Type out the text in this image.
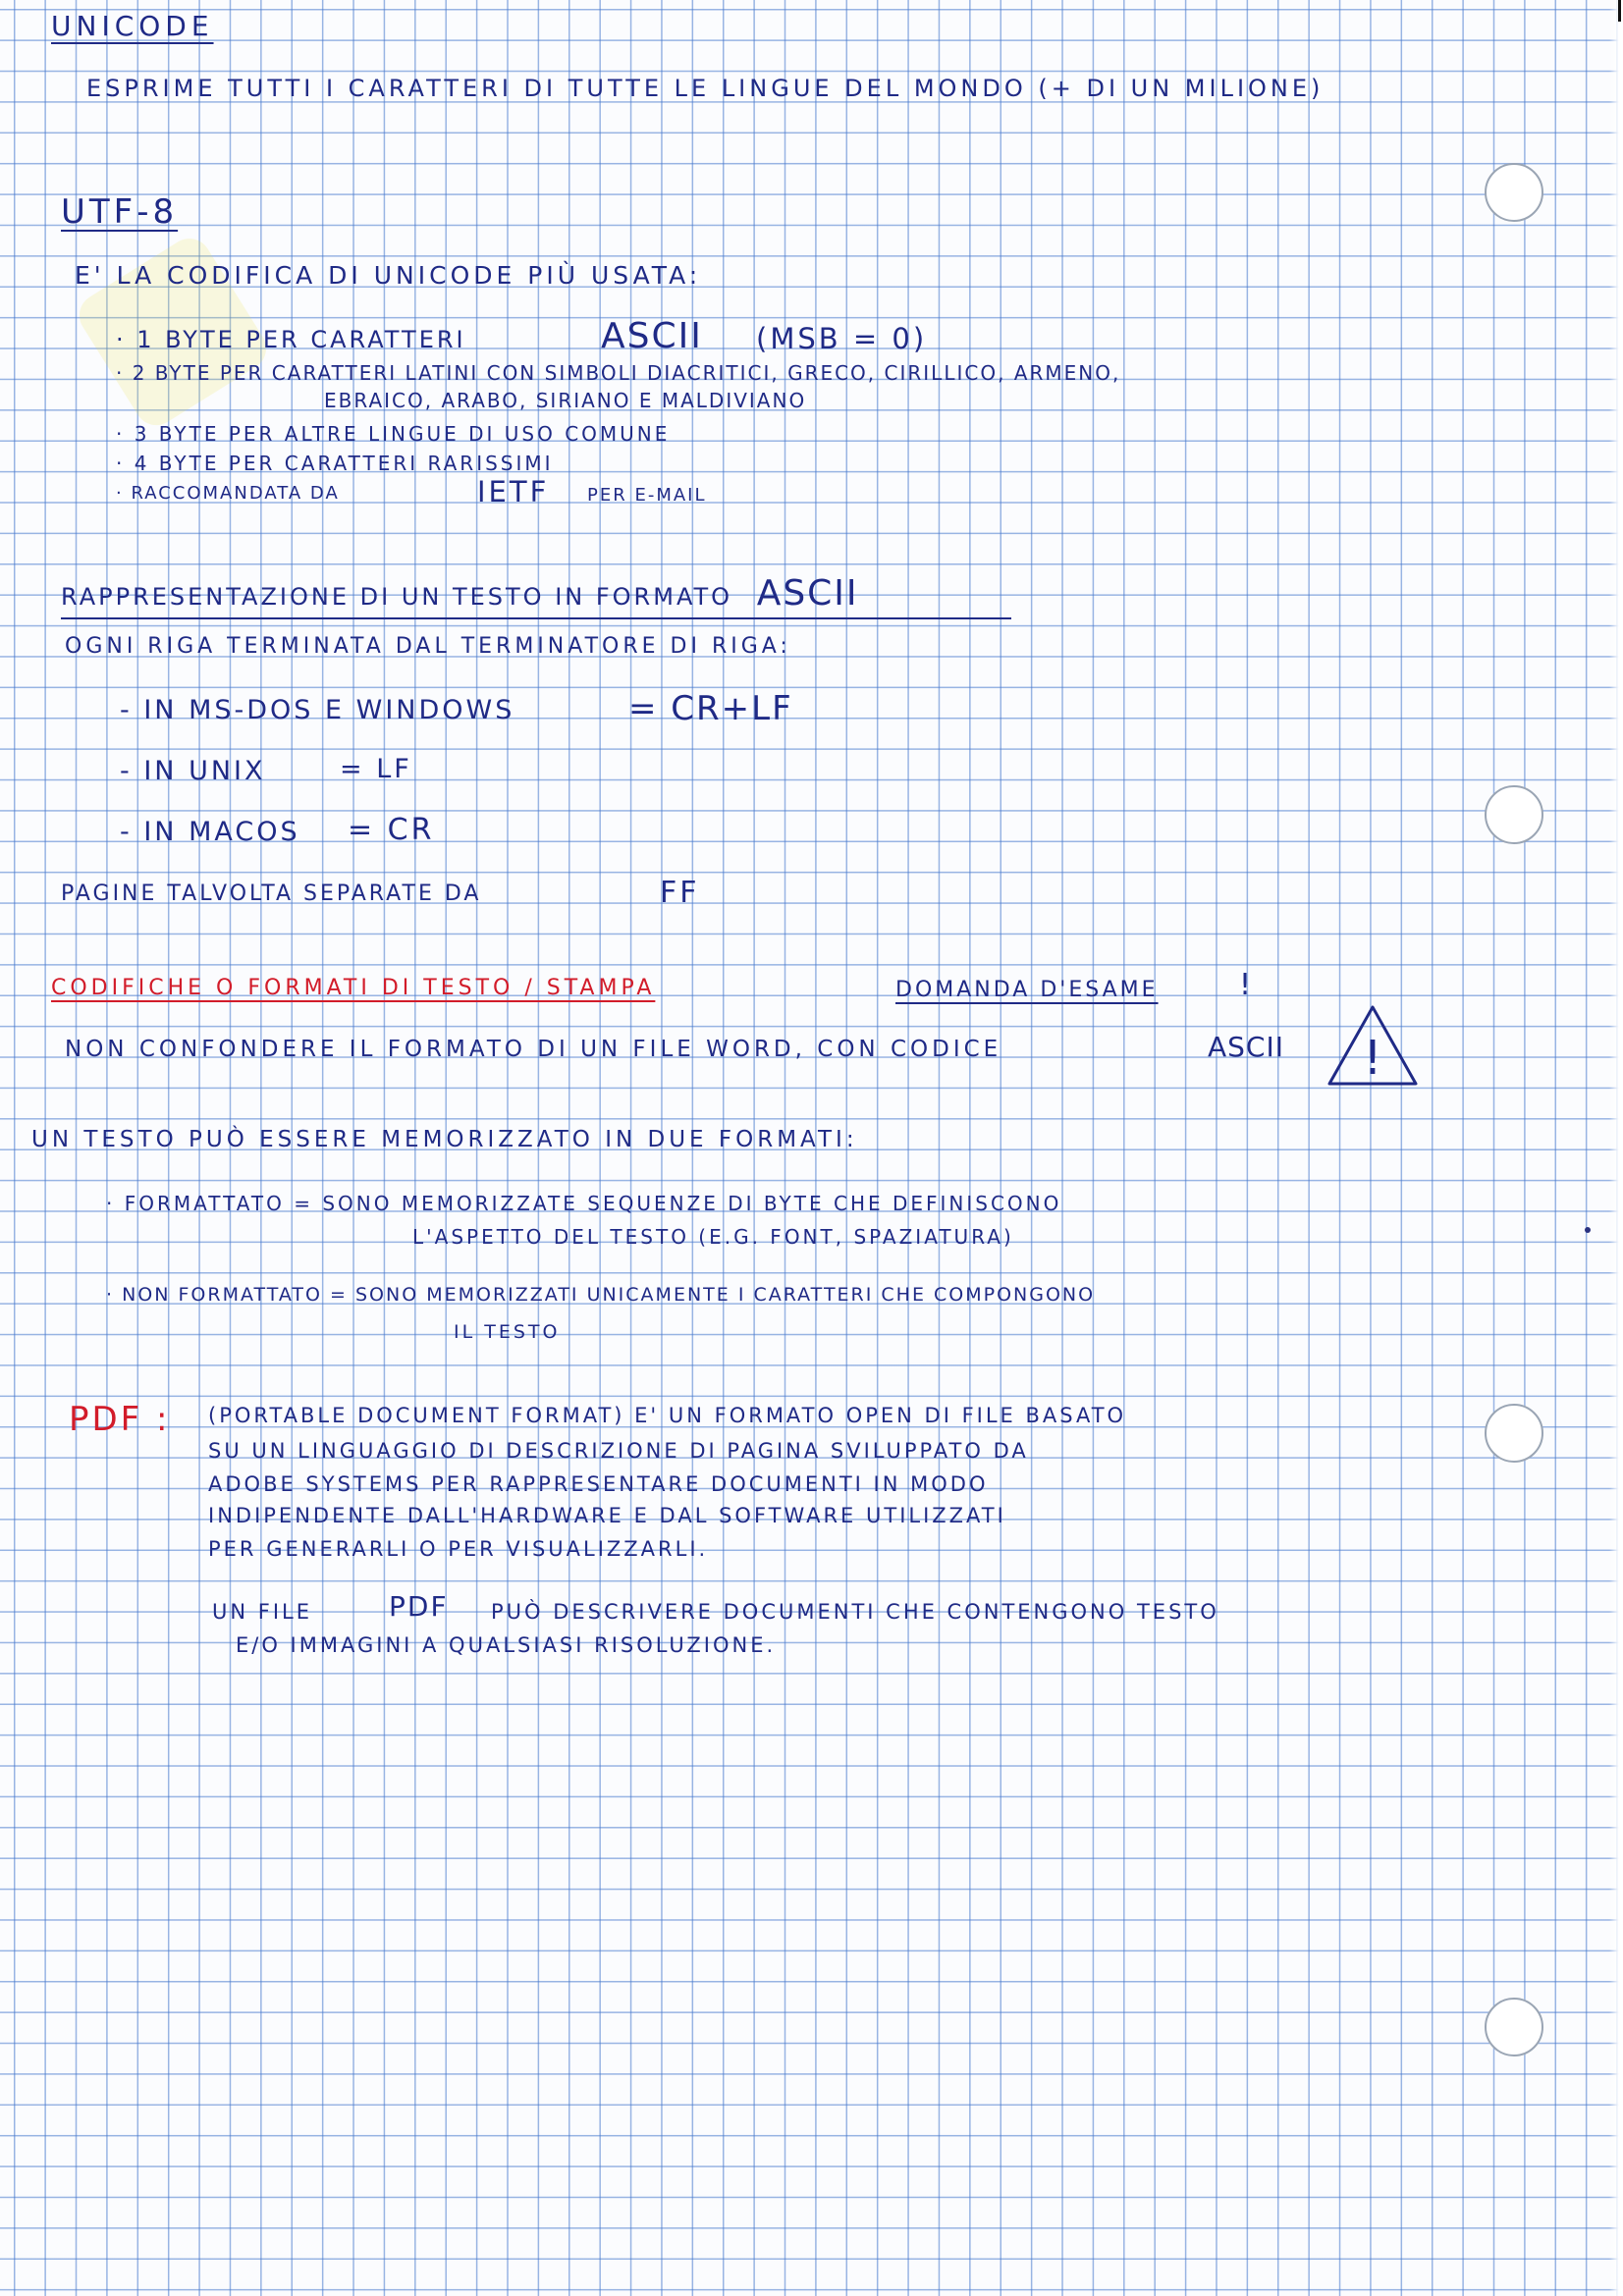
UNICODE
ESPRIME TUTTI I CARATTERI DI TUTTE LE LINGUE DEL MONDO (+ DI UN MILIONE)
UTF-8
E' LA CODIFICA DI UNICODE PIÙ USATA:
· 1 BYTE PER CARATTERI	ASCII (MSB = 0)
· 2 BYTE PER CARATTERI LATINI CON SIMBOLI DIACRITICI, GRECO, CIRILLICO, ARMENO,
EBRAICO, ARABO, SIRIANO E MALDIVIANO
· 3 BYTE PER ALTRE LINGUE DI USO COMUNE
· 4 BYTE PER CARATTERI RARISSIMI
· RACCOMANDATA DA	IETF PER E-MAIL
RAPPRESENTAZIONE DI UN TESTO IN FORMATO ASCII
OGNI RIGA TERMINATA DAL TERMINATORE DI RIGA:
- IN MS-DOS E WINDOWS	= CR+LF
- IN UNIX	= LF
- IN MACOS = CR
PAGINE TALVOLTA SEPARATE DA	FF
CODIFICHE O FORMATI DI TESTO / STAMPA	DOMANDA D'ESAME	!
NON CONFONDERE IL FORMATO DI UN FILE WORD, CON CODICE	ASCII !
UN TESTO PUÒ ESSERE MEMORIZZATO IN DUE FORMATI:
· FORMATTATO = SONO MEMORIZZATE SEQUENZE DI BYTE CHE DEFINISCONO
L'ASPETTO DEL TESTO (E.G. FONT, SPAZIATURA)
· NON FORMATTATO = SONO MEMORIZZATI UNICAMENTE I CARATTERI CHE COMPONGONO
IL TESTO
PDF : (PORTABLE DOCUMENT FORMAT) E' UN FORMATO OPEN DI FILE BASATO
SU UN LINGUAGGIO DI DESCRIZIONE DI PAGINA SVILUPPATO DA
ADOBE SYSTEMS PER RAPPRESENTARE DOCUMENTI IN MODO
INDIPENDENTE DALL'HARDWARE E DAL SOFTWARE UTILIZZATI
PER GENERARLI O PER VISUALIZZARLI.
UN FILE	PDF PUÒ DESCRIVERE DOCUMENTI CHE CONTENGONO TESTO
E/O IMMAGINI A QUALSIASI RISOLUZIONE.
